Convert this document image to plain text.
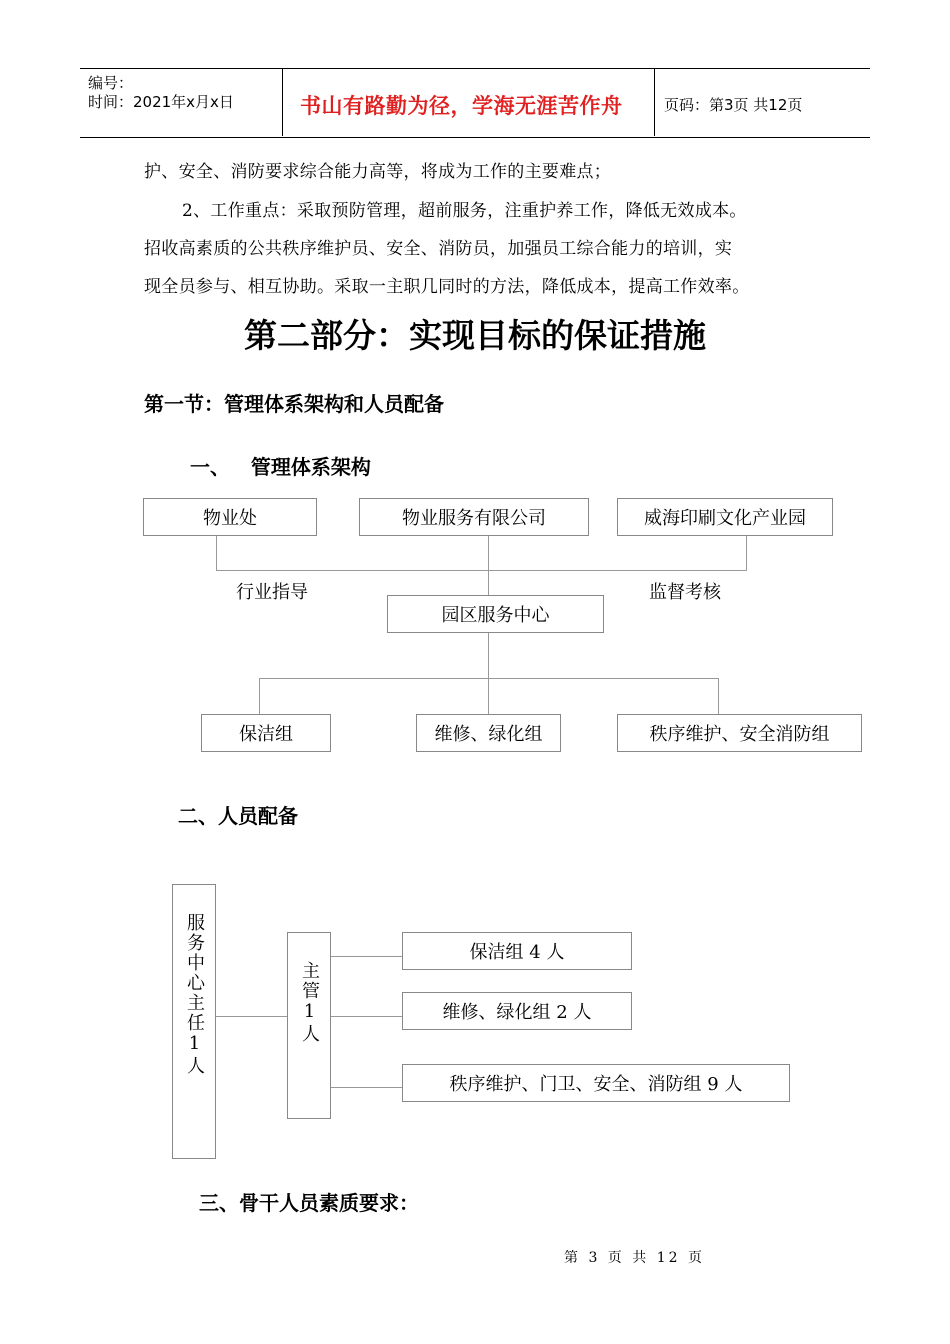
编号：
时间：2021年x月x日	书山有路勤为径，学海无涯苦作舟	页码：第3页 共12页
护、安全、消防要求综合能力高等，将成为工作的主要难点；
2、工作重点：采取预防管理，超前服务，注重护养工作，降低无效成本。
招收高素质的公共秩序维护员、安全、消防员，加强员工综合能力的培训，实
现全员参与、相互协助。采取一主职几同时的方法，降低成本，提高工作效率。
第二部分：实现目标的保证措施
第一节：管理体系架构和人员配备
一、   管理体系架构
物业处	物业服务有限公司	威海印刷文化产业园
行业指导	监督考核
园区服务中心
保洁组	维修、绿化组	秩序维护、安全消防组
二、人员配备
服务中心主任1人	主管1人
保洁组 4 人
维修、绿化组 2 人
秩序维护、门卫、安全、消防组 9 人
三、骨干人员素质要求：
第 3 页 共 12 页
